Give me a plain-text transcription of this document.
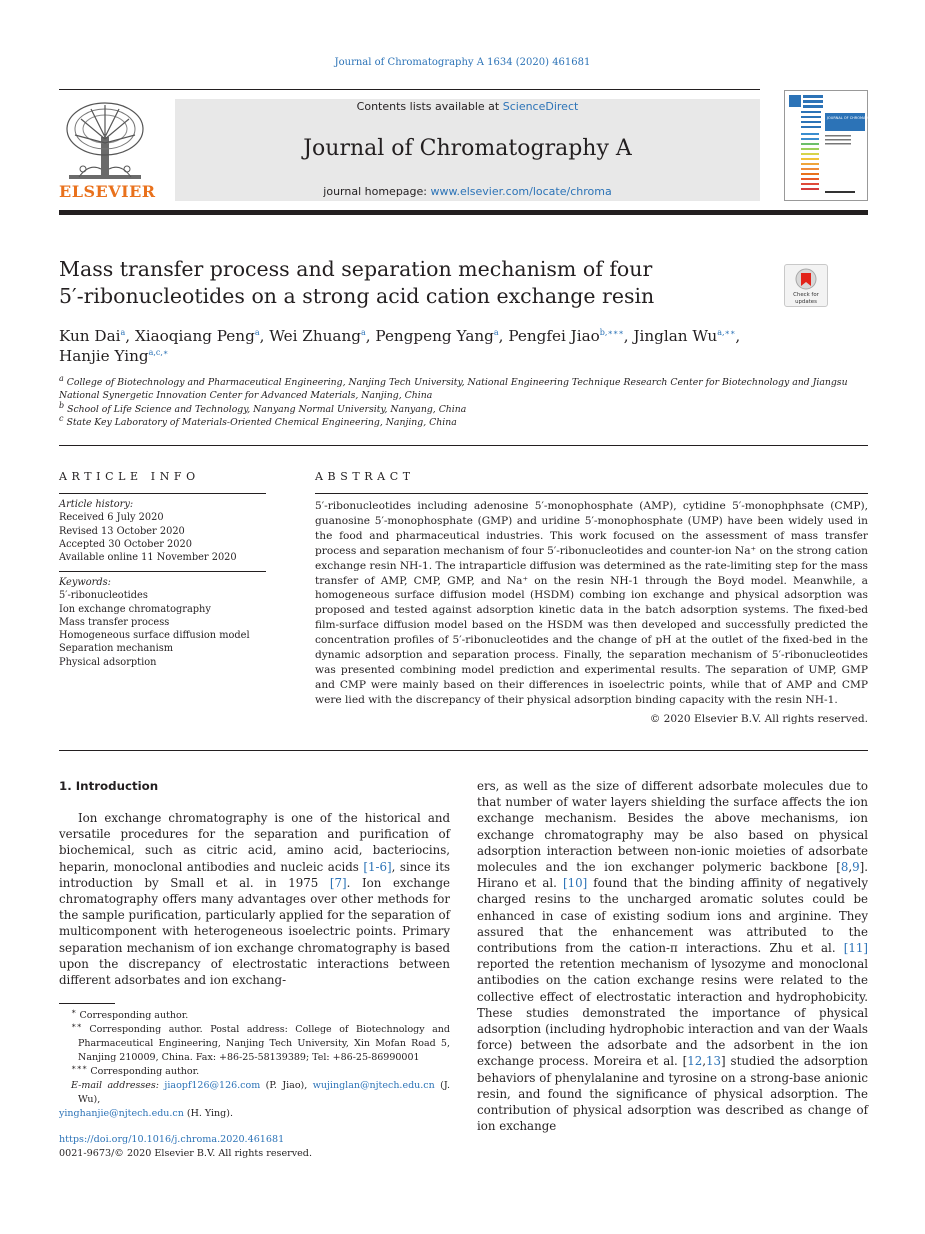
Journal of Chromatography A 1634 (2020) 461681
ELSEVIER
Contents lists available at ScienceDirect
Journal of Chromatography A
journal homepage: www.elsevier.com/locate/chroma
JOURNAL OF CHROMATOGRAPHY A
Mass transfer process and separation mechanism of four
5′-ribonucleotides on a strong acid cation exchange resin	Check for
updates
Kun Dai$^a$, Xiaoqiang Peng$^a$, Wei Zhuang$^a$, Pengpeng Yang$^a$, Pengfei Jiao$^{b,∗∗∗}$, Jinglan $Wu^{a,∗∗}$,
Hanjie Ying$^{a,c,∗}$
$^a$ College of Biotechnology and Pharmaceutical Engineering, Nanjing Tech University, National Engineering Technique Research Center for Biotechnology and Jiangsu National Synergetic Innovation Center for Advanced Materials, Nanjing, China
$^b$ School of Life Science and Technology, Nanyang Normal University, Nanyang, China
$^c$ State Key Laboratory of Materials-Oriented Chemical Engineering, Nanjing, China
ARTICLE INFO	ABSTRACT
Article history:
Received 6 July 2020
Revised 13 October 2020
Accepted 30 October 2020
Available online 11 November 2020
Keywords:
5′-ribonucleotides
Ion exchange chromatography
Mass transfer process
Homogeneous surface diffusion model
Separation mechanism
Physical adsorption
5′-ribonucleotides including adenosine 5′-monophosphate (AMP), cytidine 5′-monophphsate (CMP), guanosine 5′-monophosphate (GMP) and uridine 5′-monophosphate (UMP) have been widely used in the food and pharmaceutical industries. This work focused on the assessment of mass transfer process and separation mechanism of four 5′-ribonucleotides and counter-ion Na⁺ on the strong cation exchange resin NH-1. The intraparticle diffusion was determined as the rate-limiting step for the mass transfer of AMP, CMP, GMP, and Na⁺ on the resin NH-1 through the Boyd model. Meanwhile, a homogeneous surface diffusion model (HSDM) combing ion exchange and physical adsorption was proposed and tested against adsorption kinetic data in the batch adsorption systems. The fixed-bed film-surface diffusion model based on the HSDM was then developed and successfully predicted the concentration profiles of 5′-ribonucleotides and the change of pH at the outlet of the fixed-bed in the dynamic adsorption and separation process. Finally, the separation mechanism of 5′-ribonucleotides was presented combining model prediction and experimental results. The separation of UMP, GMP and CMP were mainly based on their differences in isoelectric points, while that of AMP and CMP were lied with the discrepancy of their physical adsorption binding capacity with the resin NH-1.
© 2020 Elsevier B.V. All rights reserved.
1. Introduction
Ion exchange chromatography is one of the historical and versatile procedures for the separation and purification of biochemical, such as citric acid, amino acid, bacteriocins, heparin, monoclonal antibodies and nucleic acids [1-6], since its introduction by Small et al. in 1975 [7]. Ion exchange chromatography offers many advantages over other methods for the sample purification, particularly applied for the separation of multicomponent with heterogeneous isoelectric points. Primary separation mechanism of ion exchange chromatography is based upon the discrepancy of electrostatic interactions between different adsorbates and ion exchang-
ers, as well as the size of different adsorbate molecules due to that number of water layers shielding the surface affects the ion exchange mechanism. Besides the above mechanisms, ion exchange chromatography may be also based on physical adsorption interaction between non-ionic moieties of adsorbate molecules and the ion exchanger polymeric backbone [8,9]. Hirano et al. [10] found that the binding affinity of negatively charged resins to the uncharged aromatic solutes could be enhanced in case of existing sodium ions and arginine. They assured that the enhancement was attributed to the contributions from the cation-π interactions. Zhu et al. [11] reported the retention mechanism of lysozyme and monoclonal antibodies on the cation exchange resins were related to the collective effect of electrostatic interaction and hydrophobicity. These studies demonstrated the importance of physical adsorption (including hydrophobic interaction and van der Waals force) between the adsorbate and the adsorbent in the ion exchange process. Moreira et al. [12,13] studied the adsorption behaviors of phenylalanine and tyrosine on a strong-base anionic resin, and found the significance of physical adsorption. The contribution of physical adsorption was described as change of ion exchange
∗ Corresponding author.
∗∗ Corresponding author. Postal address: College of Biotechnology and Pharmaceutical Engineering, Nanjing Tech University, Xin Mofan Road 5, Nanjing 210009, China. Fax: +86-25-58139389; Tel: +86-25-86990001
∗∗∗ Corresponding author.
E-mail addresses: jiaopf126@126.com (P. Jiao), wujinglan@njtech.edu.cn (J. Wu),
yinghanjie@njtech.edu.cn (H. Ying).
https://doi.org/10.1016/j.chroma.2020.461681
0021-9673/© 2020 Elsevier B.V. All rights reserved.
